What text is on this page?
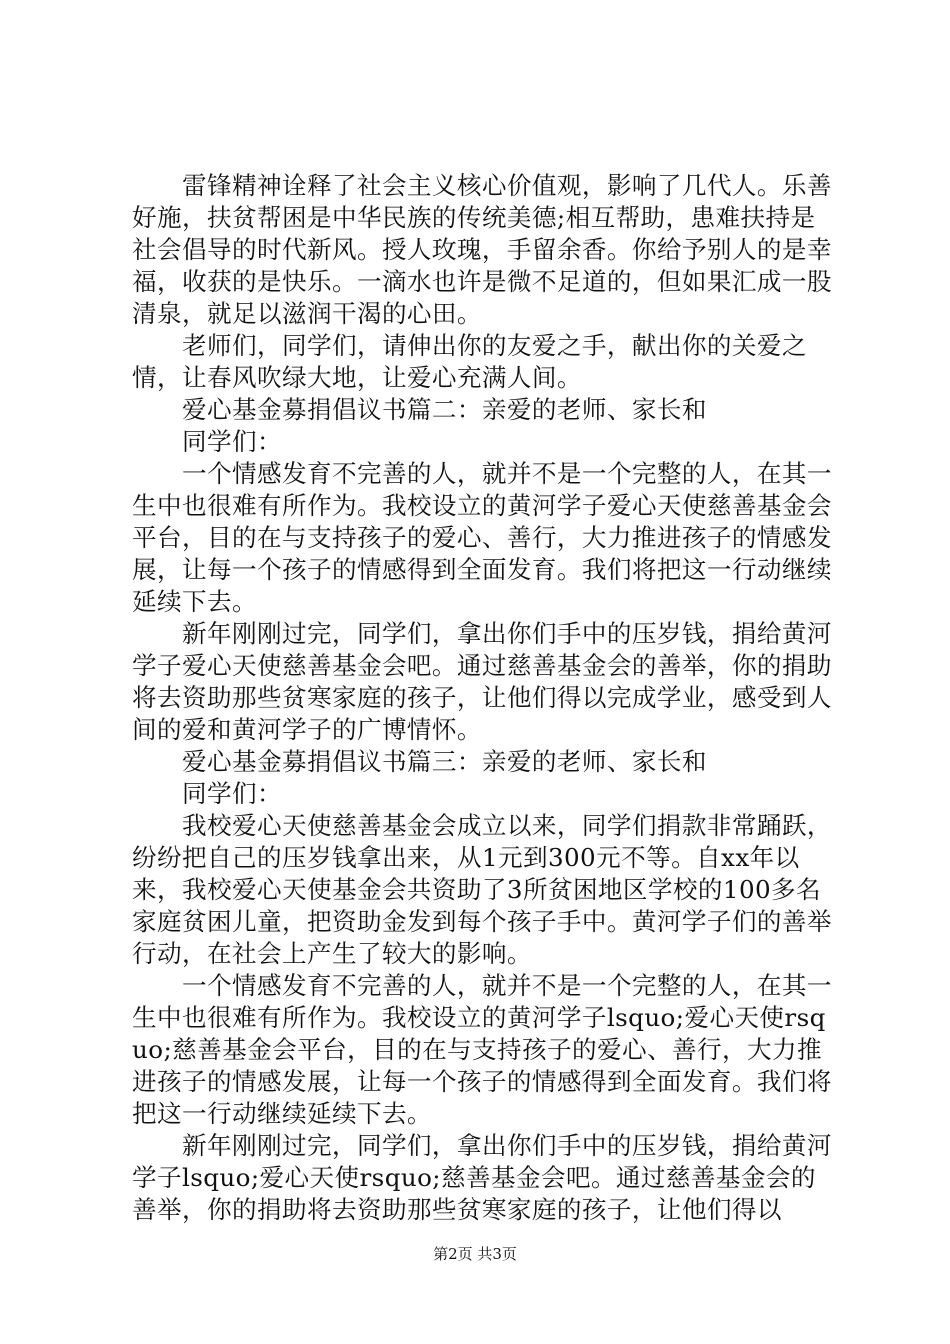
　　雷锋精神诠释了社会主义核心价值观，影响了几代人。乐善好施，扶贫帮困是中华民族的传统美德;相互帮助，患难扶持是社会倡导的时代新风。授人玫瑰，手留余香。你给予别人的是幸福，收获的是快乐。一滴水也许是微不足道的，但如果汇成一股清泉，就足以滋润干渴的心田。

　　老师们，同学们，请伸出你的友爱之手，献出你的关爱之情，让春风吹绿大地，让爱心充满人间。

　　爱心基金募捐倡议书篇二：亲爱的老师、家长和

　　同学们：

　　一个情感发育不完善的人，就并不是一个完整的人，在其一生中也很难有所作为。我校设立的黄河学子爱心天使慈善基金会平台，目的在与支持孩子的爱心、善行，大力推进孩子的情感发展，让每一个孩子的情感得到全面发育。我们将把这一行动继续延续下去。

　　新年刚刚过完，同学们，拿出你们手中的压岁钱，捐给黄河学子爱心天使慈善基金会吧。通过慈善基金会的善举，你的捐助将去资助那些贫寒家庭的孩子，让他们得以完成学业，感受到人间的爱和黄河学子的广博情怀。

　　爱心基金募捐倡议书篇三：亲爱的老师、家长和

　　同学们：

　　我校爱心天使慈善基金会成立以来，同学们捐款非常踊跃，纷纷把自己的压岁钱拿出来，从1元到300元不等。自xx年以来，我校爱心天使基金会共资助了3所贫困地区学校的100多名家庭贫困儿童，把资助金发到每个孩子手中。黄河学子们的善举行动，在社会上产生了较大的影响。

　　一个情感发育不完善的人，就并不是一个完整的人，在其一生中也很难有所作为。我校设立的黄河学子lsquo;爱心天使rsquo;慈善基金会平台，目的在与支持孩子的爱心、善行，大力推进孩子的情感发展，让每一个孩子的情感得到全面发育。我们将把这一行动继续延续下去。

　　新年刚刚过完，同学们，拿出你们手中的压岁钱，捐给黄河学子lsquo;爱心天使rsquo;慈善基金会吧。通过慈善基金会的善举，你的捐助将去资助那些贫寒家庭的孩子，让他们得以

第2页 共3页
